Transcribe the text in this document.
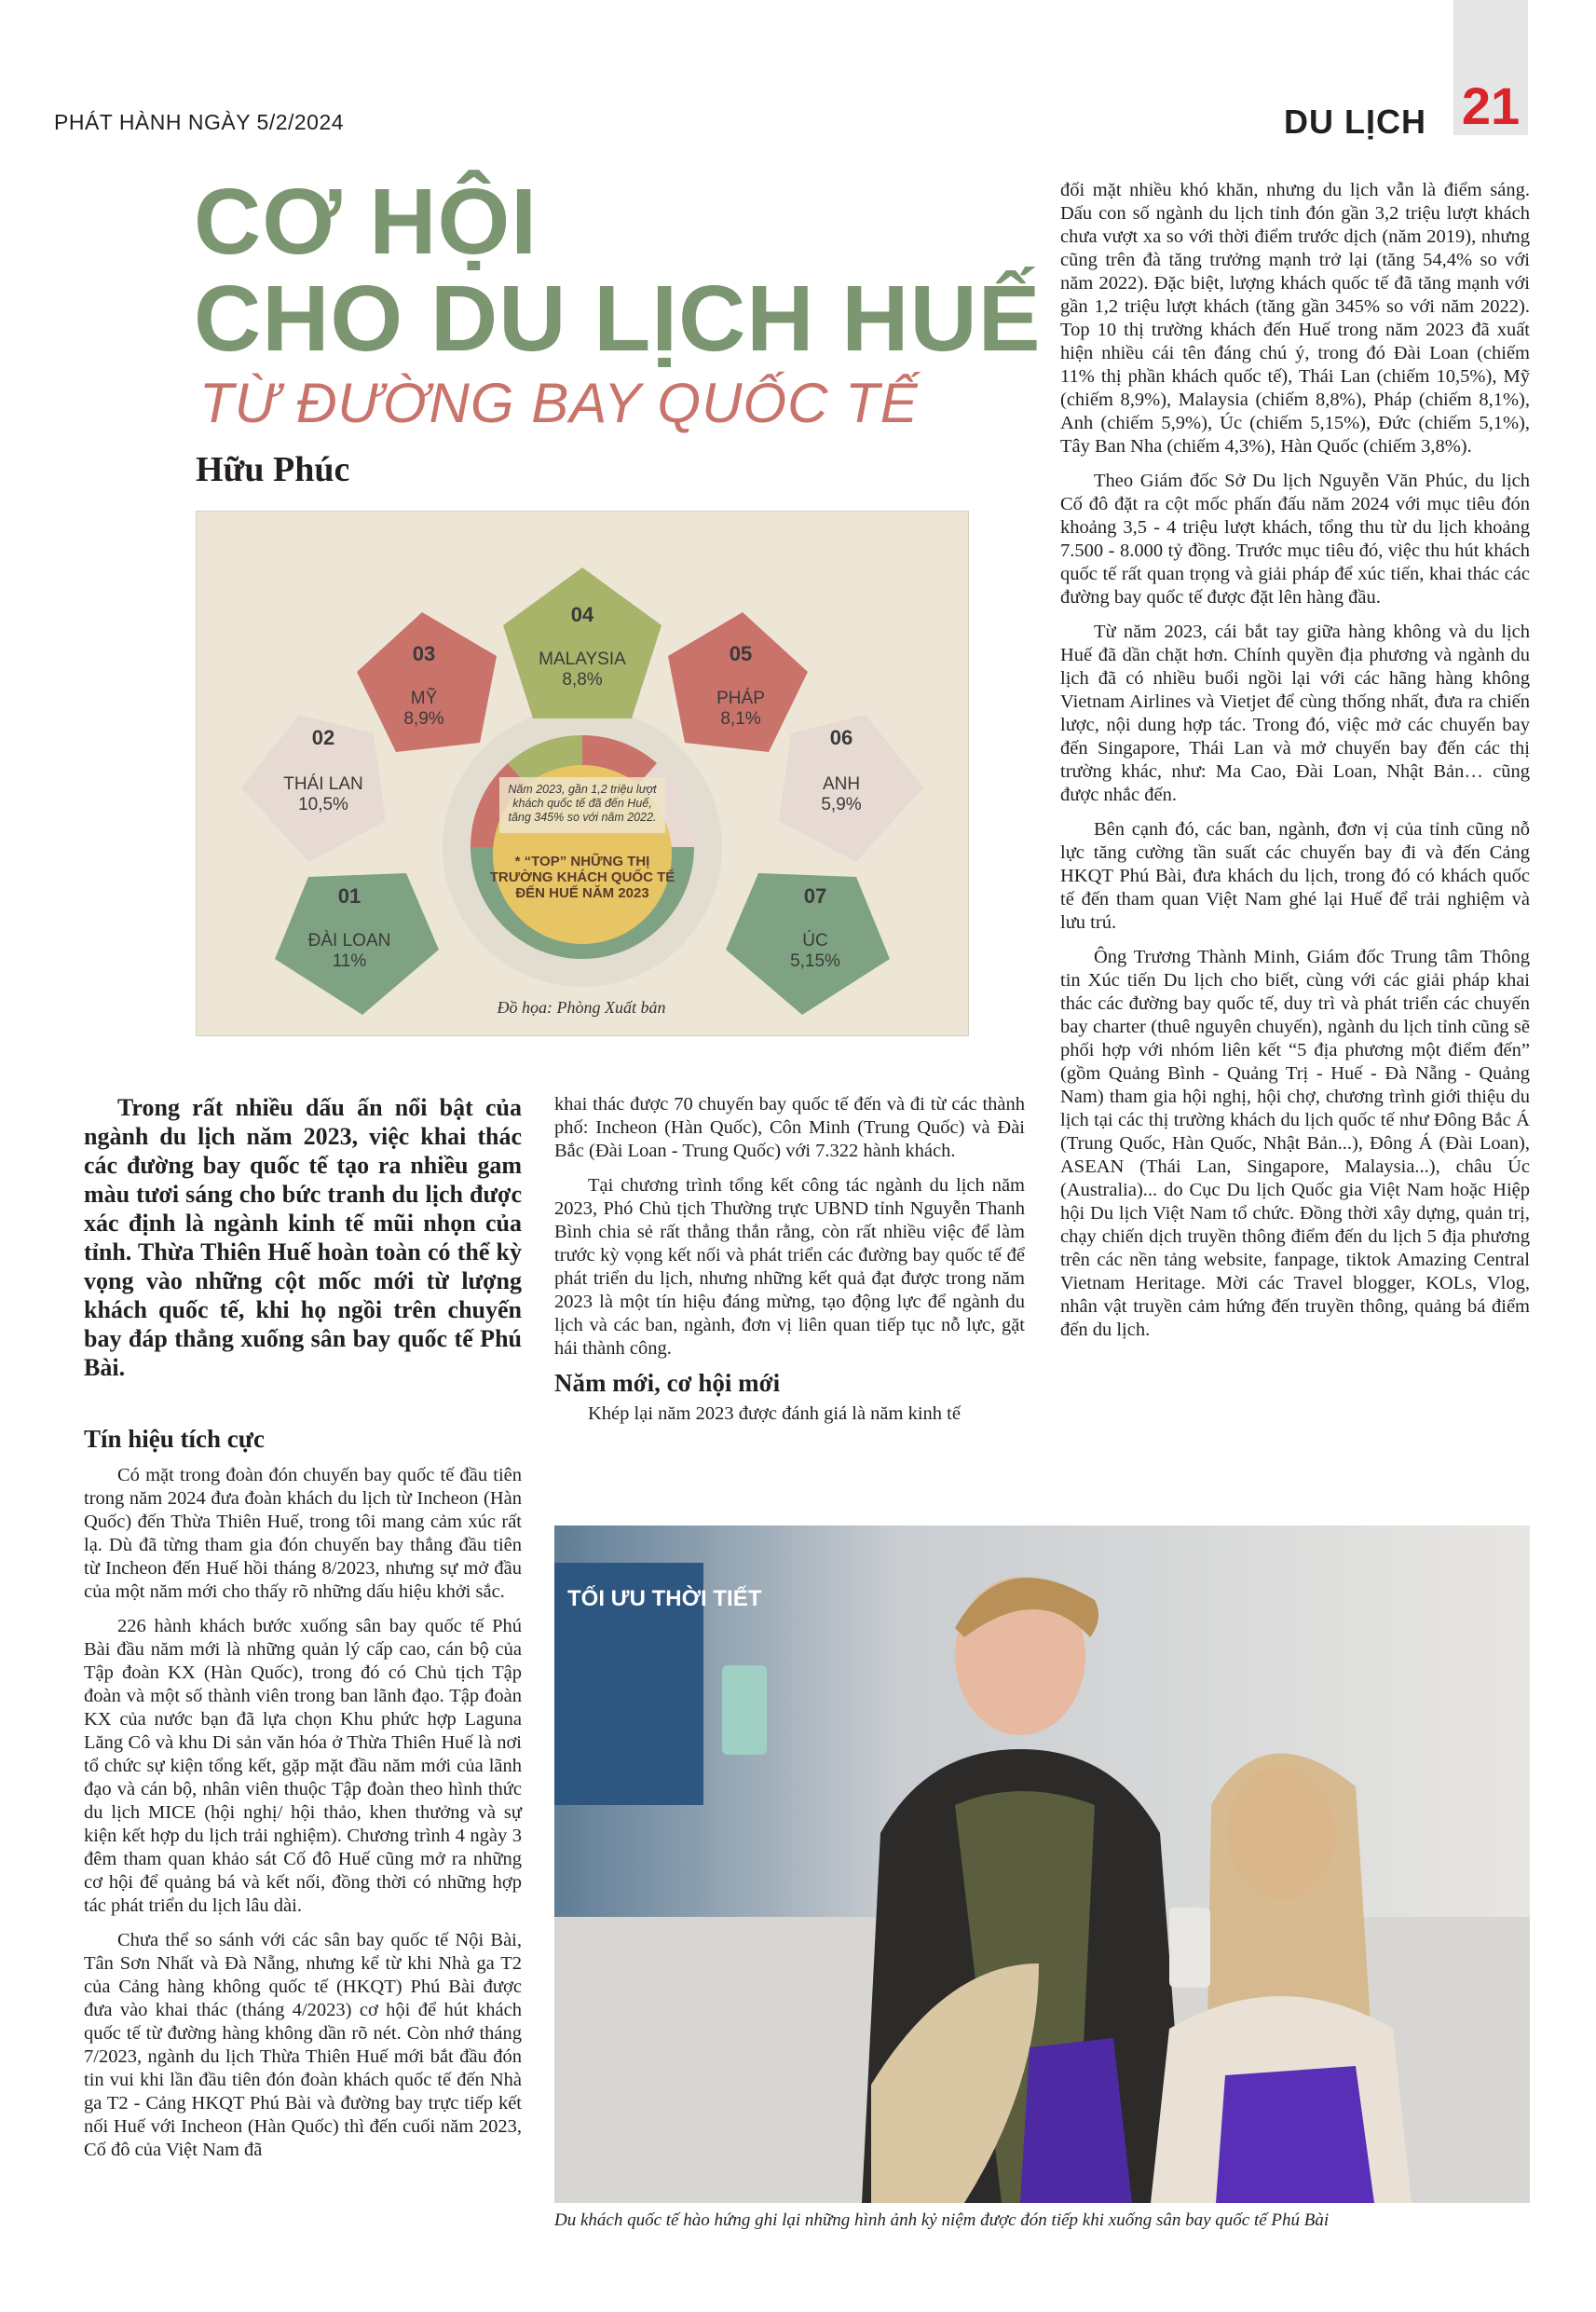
PHÁT HÀNH NGÀY 5/2/2024	DU LỊCH 21
CƠ HỘI
CHO DU LỊCH HUẾ
TỪ ĐƯỜNG BAY QUỐC TẾ
Hữu Phúc
04
MALAYSIA
8,8%
03
MỸ
8,9%
05
PHÁP
8,1%
02
THÁI LAN
10,5%
06
ANH
5,9%
01
ĐÀI LOAN
11%
07
ÚC
5,15%
Năm 2023, gần 1,2 triệu lượt khách quốc tế đã đến Huế, tăng 345% so với năm 2022.
* “TOP” NHỮNG THỊ TRƯỜNG KHÁCH QUỐC TẾ ĐẾN HUẾ NĂM 2023
Đồ họa: Phòng Xuất bản
Trong rất nhiều dấu ấn nổi bật của ngành du lịch năm 2023, việc khai thác các đường bay quốc tế tạo ra nhiều gam màu tươi sáng cho bức tranh du lịch được xác định là ngành kinh tế mũi nhọn của tỉnh. Thừa Thiên Huế hoàn toàn có thể kỳ vọng vào những cột mốc mới từ lượng khách quốc tế, khi họ ngồi trên chuyến bay đáp thẳng xuống sân bay quốc tế Phú Bài.
Tín hiệu tích cực

Có mặt trong đoàn đón chuyến bay quốc tế đầu tiên trong năm 2024 đưa đoàn khách du lịch từ Incheon (Hàn Quốc) đến Thừa Thiên Huế, trong tôi mang cảm xúc rất lạ. Dù đã từng tham gia đón chuyến bay thẳng đầu tiên từ Incheon đến Huế hồi tháng 8/2023, nhưng sự mở đầu của một năm mới cho thấy rõ những dấu hiệu khởi sắc.

226 hành khách bước xuống sân bay quốc tế Phú Bài đầu năm mới là những quản lý cấp cao, cán bộ của Tập đoàn KX (Hàn Quốc), trong đó có Chủ tịch Tập đoàn và một số thành viên trong ban lãnh đạo. Tập đoàn KX của nước bạn đã lựa chọn Khu phức hợp Laguna Lăng Cô và khu Di sản văn hóa ở Thừa Thiên Huế là nơi tổ chức sự kiện tổng kết, gặp mặt đầu năm mới của lãnh đạo và cán bộ, nhân viên thuộc Tập đoàn theo hình thức du lịch MICE (hội nghị/ hội thảo, khen thưởng và sự kiện kết hợp du lịch trải nghiệm). Chương trình 4 ngày 3 đêm tham quan khảo sát Cố đô Huế cũng mở ra những cơ hội để quảng bá và kết nối, đồng thời có những hợp tác phát triển du lịch lâu dài.

Chưa thể so sánh với các sân bay quốc tế Nội Bài, Tân Sơn Nhất và Đà Nẵng, nhưng kể từ khi Nhà ga T2 của Cảng hàng không quốc tế (HKQT) Phú Bài được đưa vào khai thác (tháng 4/2023) cơ hội để hút khách quốc tế từ đường hàng không dần rõ nét. Còn nhớ tháng 7/2023, ngành du lịch Thừa Thiên Huế mới bắt đầu đón tin vui khi lần đầu tiên đón đoàn khách quốc tế đến Nhà ga T2 - Cảng HKQT Phú Bài và đường bay trực tiếp kết nối Huế với Incheon (Hàn Quốc) thì đến cuối năm 2023, Cố đô của Việt Nam đã

khai thác được 70 chuyến bay quốc tế đến và đi từ các thành phố: Incheon (Hàn Quốc), Côn Minh (Trung Quốc) và Đài Bắc (Đài Loan - Trung Quốc) với 7.322 hành khách.

Tại chương trình tổng kết công tác ngành du lịch năm 2023, Phó Chủ tịch Thường trực UBND tỉnh Nguyễn Thanh Bình chia sẻ rất thẳng thắn rằng, còn rất nhiều việc để làm trước kỳ vọng kết nối và phát triển các đường bay quốc tế để phát triển du lịch, nhưng những kết quả đạt được trong năm 2023 là một tín hiệu đáng mừng, tạo động lực để ngành du lịch và các ban, ngành, đơn vị liên quan tiếp tục nỗ lực, gặt hái thành công.

Năm mới, cơ hội mới

Khép lại năm 2023 được đánh giá là năm kinh tế

đối mặt nhiều khó khăn, nhưng du lịch vẫn là điểm sáng. Dấu con số ngành du lịch tỉnh đón gần 3,2 triệu lượt khách chưa vượt xa so với thời điểm trước dịch (năm 2019), nhưng cũng trên đà tăng trưởng mạnh trở lại (tăng 54,4% so với năm 2022). Đặc biệt, lượng khách quốc tế đã tăng mạnh với gần 1,2 triệu lượt khách (tăng gần 345% so với năm 2022). Top 10 thị trường khách đến Huế trong năm 2023 đã xuất hiện nhiều cái tên đáng chú ý, trong đó Đài Loan (chiếm 11% thị phần khách quốc tế), Thái Lan (chiếm 10,5%), Mỹ (chiếm 8,9%), Malaysia (chiếm 8,8%), Pháp (chiếm 8,1%), Anh (chiếm 5,9%), Úc (chiếm 5,15%), Đức (chiếm 5,1%), Tây Ban Nha (chiếm 4,3%), Hàn Quốc (chiếm 3,8%).

Theo Giám đốc Sở Du lịch Nguyễn Văn Phúc, du lịch Cố đô đặt ra cột mốc phấn đấu năm 2024 với mục tiêu đón khoảng 3,5 - 4 triệu lượt khách, tổng thu từ du lịch khoảng 7.500 - 8.000 tỷ đồng. Trước mục tiêu đó, việc thu hút khách quốc tế rất quan trọng và giải pháp để xúc tiến, khai thác các đường bay quốc tế được đặt lên hàng đầu.

Từ năm 2023, cái bắt tay giữa hàng không và du lịch Huế đã dần chặt hơn. Chính quyền địa phương và ngành du lịch đã có nhiều buổi ngồi lại với các hãng hàng không Vietnam Airlines và Vietjet để cùng thống nhất, đưa ra chiến lược, nội dung hợp tác. Trong đó, việc mở các chuyến bay đến Singapore, Thái Lan và mở chuyến bay đến các thị trường khác, như: Ma Cao, Đài Loan, Nhật Bản… cũng được nhắc đến.

Bên cạnh đó, các ban, ngành, đơn vị của tỉnh cũng nỗ lực tăng cường tần suất các chuyến bay đi và đến Cảng HKQT Phú Bài, đưa khách du lịch, trong đó có khách quốc tế đến tham quan Việt Nam ghé lại Huế để trải nghiệm và lưu trú.

Ông Trương Thành Minh, Giám đốc Trung tâm Thông tin Xúc tiến Du lịch cho biết, cùng với các giải pháp khai thác các đường bay quốc tế, duy trì và phát triển các chuyến bay charter (thuê nguyên chuyến), ngành du lịch tỉnh cũng sẽ phối hợp với nhóm liên kết “5 địa phương một điểm đến” (gồm Quảng Bình - Quảng Trị - Huế - Đà Nẵng - Quảng Nam) tham gia hội nghị, hội chợ, chương trình giới thiệu du lịch tại các thị trường khách du lịch quốc tế như Đông Bắc Á (Trung Quốc, Hàn Quốc, Nhật Bản...), Đông Á (Đài Loan), ASEAN (Thái Lan, Singapore, Malaysia...), châu Úc (Australia)... do Cục Du lịch Quốc gia Việt Nam hoặc Hiệp hội Du lịch Việt Nam tổ chức. Đồng thời xây dựng, quản trị, chạy chiến dịch truyền thông điểm đến du lịch 5 địa phương trên các nền tảng website, fanpage, tiktok Amazing Central Vietnam Heritage. Mời các Travel blogger, KOLs, Vlog, nhân vật truyền cảm hứng đến truyền thông, quảng bá điểm đến du lịch.

TỐI ƯU THỜI TIẾT
Du khách quốc tế hào hứng ghi lại những hình ảnh kỷ niệm được đón tiếp khi xuống sân bay quốc tế Phú Bài
